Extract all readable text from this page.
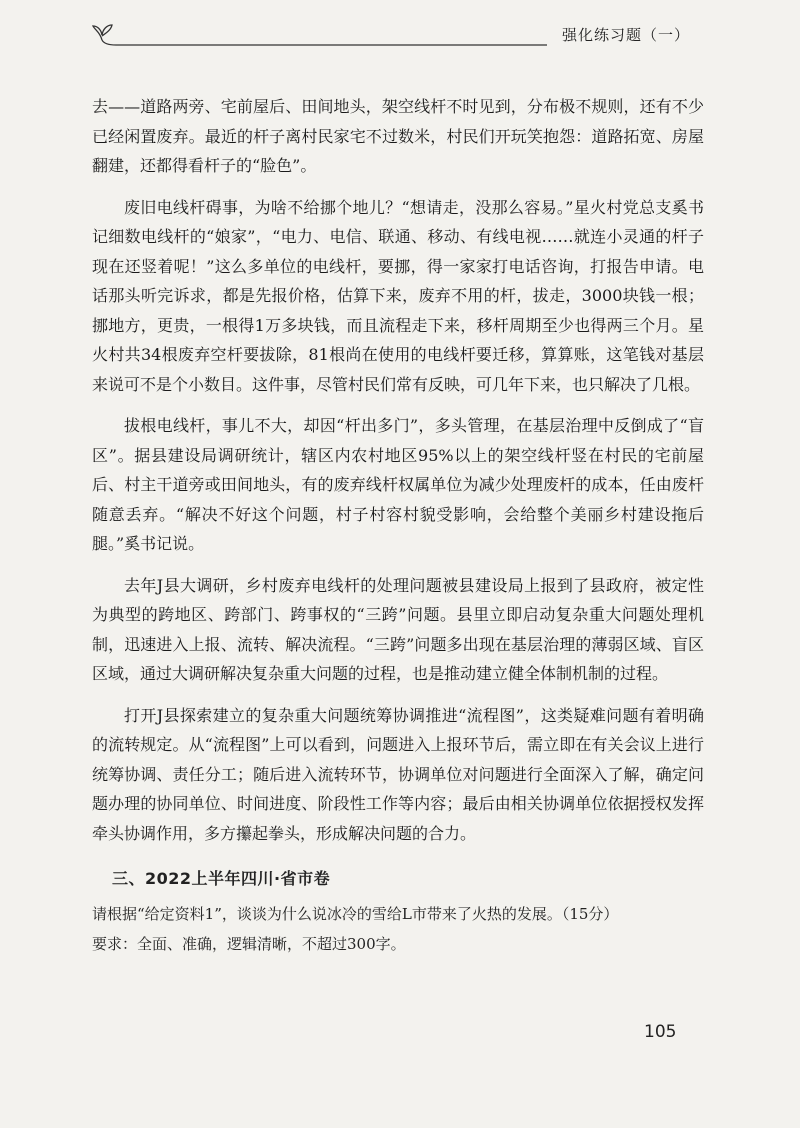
强化练习题（一）

去——道路两旁、宅前屋后、田间地头，架空线杆不时见到，分布极不规则，还有不少已经闲置废弃。最近的杆子离村民家宅不过数米，村民们开玩笑抱怨：道路拓宽、房屋翻建，还都得看杆子的“脸色”。

废旧电线杆碍事，为啥不给挪个地儿？“想请走，没那么容易。”星火村党总支奚书记细数电线杆的“娘家”，“电力、电信、联通、移动、有线电视……就连小灵通的杆子现在还竖着呢！”这么多单位的电线杆，要挪，得一家家打电话咨询，打报告申请。电话那头听完诉求，都是先报价格，估算下来，废弃不用的杆，拔走，3000块钱一根；挪地方，更贵，一根得1万多块钱，而且流程走下来，移杆周期至少也得两三个月。星火村共34根废弃空杆要拔除，81根尚在使用的电线杆要迁移，算算账，这笔钱对基层来说可不是个小数目。这件事，尽管村民们常有反映，可几年下来，也只解决了几根。

拔根电线杆，事儿不大，却因“杆出多门”，多头管理，在基层治理中反倒成了“盲区”。据县建设局调研统计，辖区内农村地区95%以上的架空线杆竖在村民的宅前屋后、村主干道旁或田间地头，有的废弃线杆权属单位为减少处理废杆的成本，任由废杆随意丢弃。“解决不好这个问题，村子村容村貌受影响，会给整个美丽乡村建设拖后腿。”奚书记说。

去年J县大调研，乡村废弃电线杆的处理问题被县建设局上报到了县政府，被定性为典型的跨地区、跨部门、跨事权的“三跨”问题。县里立即启动复杂重大问题处理机制，迅速进入上报、流转、解决流程。“三跨”问题多出现在基层治理的薄弱区域、盲区区域，通过大调研解决复杂重大问题的过程，也是推动建立健全体制机制的过程。

打开J县探索建立的复杂重大问题统筹协调推进“流程图”，这类疑难问题有着明确的流转规定。从“流程图”上可以看到，问题进入上报环节后，需立即在有关会议上进行统筹协调、责任分工；随后进入流转环节，协调单位对问题进行全面深入了解，确定问题办理的协同单位、时间进度、阶段性工作等内容；最后由相关协调单位依据授权发挥牵头协调作用，多方攥起拳头，形成解决问题的合力。

三、2022上半年四川·省市卷
请根据“给定资料1”，谈谈为什么说冰冷的雪给L市带来了火热的发展。（15分）
要求：全面、准确，逻辑清晰，不超过300字。
105
